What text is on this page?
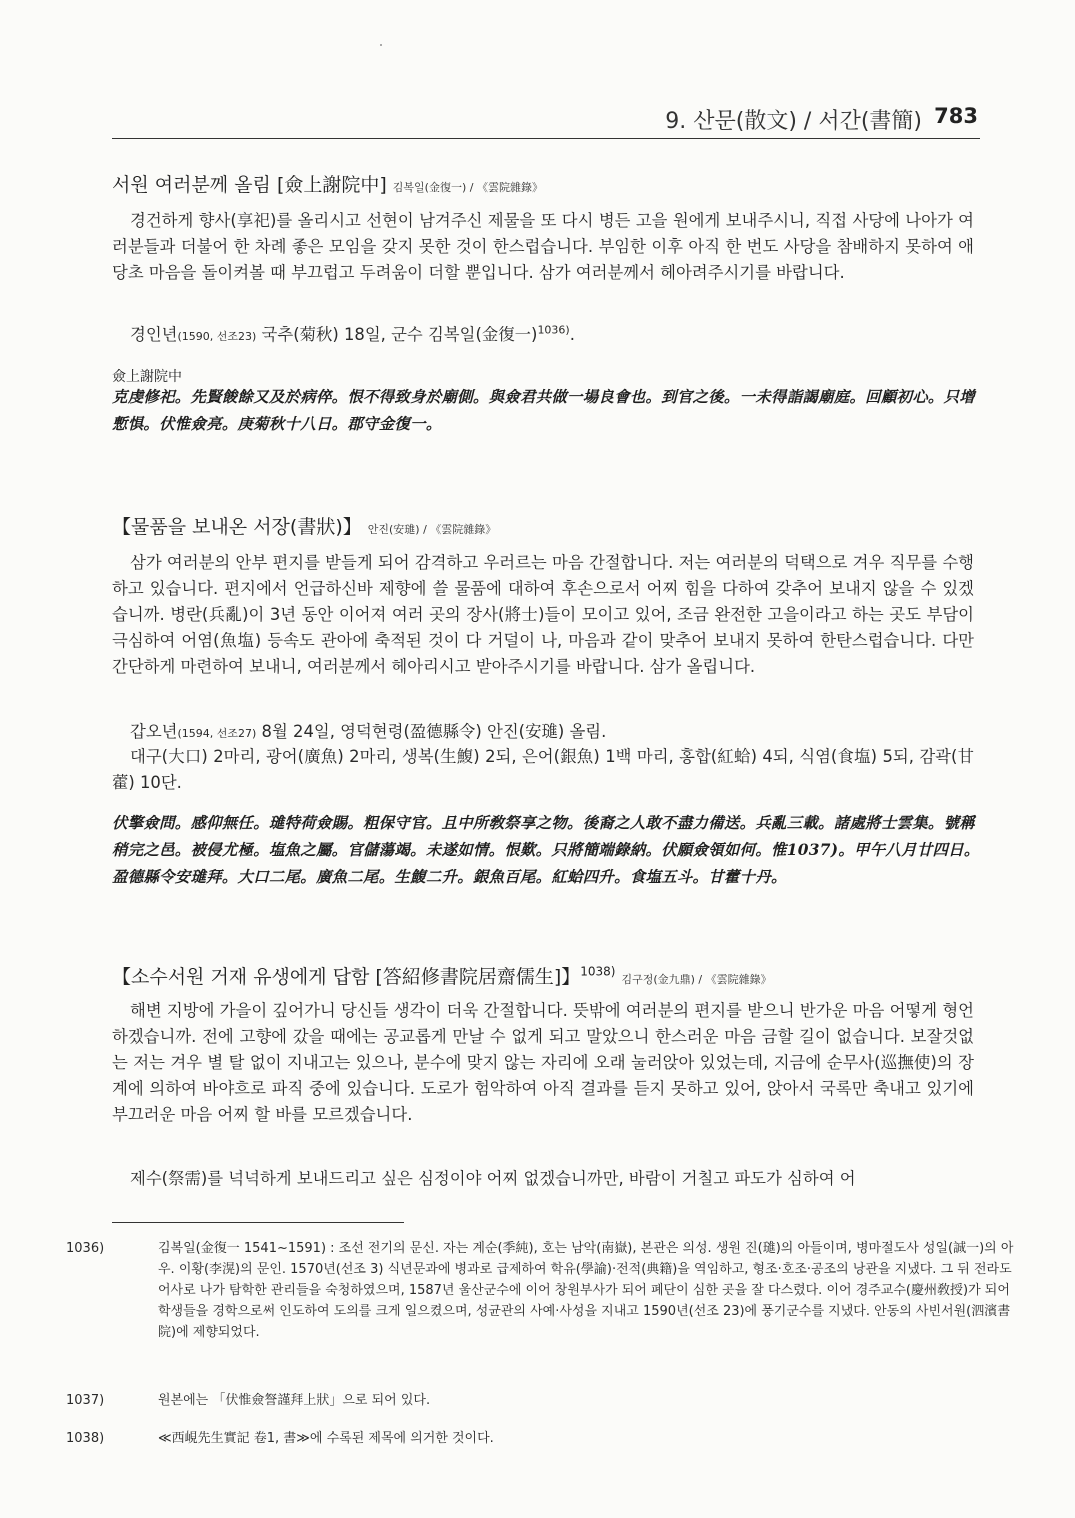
9. 산문(散文) / 서간(書簡) 783
서원 여러분께 올림 [僉上謝院中] 김복일(金復一) / 《雲院雜錄》

경건하게 향사(享祀)를 올리시고 선현이 남겨주신 제물을 또 다시 병든 고을 원에게 보내주시니, 직접 사당에 나아가 여러분들과 더불어 한 차례 좋은 모임을 갖지 못한 것이 한스럽습니다. 부임한 이후 아직 한 번도 사당을 참배하지 못하여 애당초 마음을 돌이켜볼 때 부끄럽고 두려움이 더할 뿐입니다. 삼가 여러분께서 헤아려주시기를 바랍니다.

경인년(1590, 선조23) 국추(菊秋) 18일, 군수 김복일(金復一)$^{1036)}$.
僉上謝院中

克虔修祀。先賢餕餘又及於病倅。恨不得致身於廟側。與僉君共做一場良會也。到官之後。一未得詣謁廟庭。回顧初心。只增慙惧。伏惟僉亮。庚菊秋十八日。郡守金復一。

【물품을 보내온 서장(書狀)】 안진(安璡) / 《雲院雜錄》

삼가 여러분의 안부 편지를 받들게 되어 감격하고 우러르는 마음 간절합니다. 저는 여러분의 덕택으로 겨우 직무를 수행하고 있습니다. 편지에서 언급하신바 제향에 쓸 물품에 대하여 후손으로서 어찌 힘을 다하여 갖추어 보내지 않을 수 있겠습니까. 병란(兵亂)이 3년 동안 이어져 여러 곳의 장사(將士)들이 모이고 있어, 조금 완전한 고을이라고 하는 곳도 부담이 극심하여 어염(魚塩) 등속도 관아에 축적된 것이 다 거덜이 나, 마음과 같이 맞추어 보내지 못하여 한탄스럽습니다. 다만 간단하게 마련하여 보내니, 여러분께서 헤아리시고 받아주시기를 바랍니다. 삼가 올립니다.

갑오년(1594, 선조27) 8월 24일, 영덕현령(盈德縣令) 안진(安璡) 올림.

대구(大口) 2마리, 광어(廣魚) 2마리, 생복(生鰒) 2되, 은어(銀魚) 1백 마리, 홍합(紅蛤) 4되, 식염(食塩) 5되, 감곽(甘藿) 10단.

伏擎僉問。感仰無任。璡特荷僉賜。粗保守官。且中所敎祭享之物。後裔之人敢不盡力備送。兵亂三載。諸處將士雲集。號稱稍完之邑。被侵尤極。塩魚之屬。官儲蕩竭。未遂如情。恨歎。只將簡端錄納。伏願僉領如何。惟1037)。甲午八月廿四日。盈德縣令安璡拜。大口二尾。廣魚二尾。生鰒二升。銀魚百尾。紅蛤四升。食塩五斗。甘藿十丹。

【소수서원 거재 유생에게 답함 [答紹修書院居齋儒生]】$^{1038)}$김구정(金九鼎) / 《雲院雜錄》

해변 지방에 가을이 깊어가니 당신들 생각이 더욱 간절합니다. 뜻밖에 여러분의 편지를 받으니 반가운 마음 어떻게 형언하겠습니까. 전에 고향에 갔을 때에는 공교롭게 만날 수 없게 되고 말았으니 한스러운 마음 금할 길이 없습니다. 보잘것없는 저는 겨우 별 탈 없이 지내고는 있으나, 분수에 맞지 않는 자리에 오래 눌러앉아 있었는데, 지금에 순무사(巡撫使)의 장계에 의하여 바야흐로 파직 중에 있습니다. 도로가 험악하여 아직 결과를 듣지 못하고 있어, 앉아서 국록만 축내고 있기에 부끄러운 마음 어찌 할 바를 모르겠습니다.

제수(祭需)를 넉넉하게 보내드리고 싶은 심정이야 어찌 없겠습니까만, 바람이 거칠고 파도가 심하여 어

1036)	김복일(金復一 1541~1591) : 조선 전기의 문신. 자는 계순(季純), 호는 남악(南嶽), 본관은 의성. 생원 진(璡)의 아들이며, 병마절도사 성일(誠一)의 아우. 이황(李滉)의 문인. 1570년(선조 3) 식년문과에 병과로 급제하여 학유(學諭)·전적(典籍)을 역임하고, 형조·호조·공조의 낭관을 지냈다. 그 뒤 전라도어사로 나가 탐학한 관리들을 숙청하였으며, 1587년 울산군수에 이어 창원부사가 되어 폐단이 심한 곳을 잘 다스렸다. 이어 경주교수(慶州敎授)가 되어 학생들을 경학으로써 인도하여 도의를 크게 일으켰으며, 성균관의 사예·사성을 지내고 1590년(선조 23)에 풍기군수를 지냈다. 안동의 사빈서원(泗濱書院)에 제향되었다.

1037)	원본에는 「伏惟僉詧謹拜上狀」으로 되어 있다.

1038)	≪西峴先生實記 卷1, 書≫에 수록된 제목에 의거한 것이다.
